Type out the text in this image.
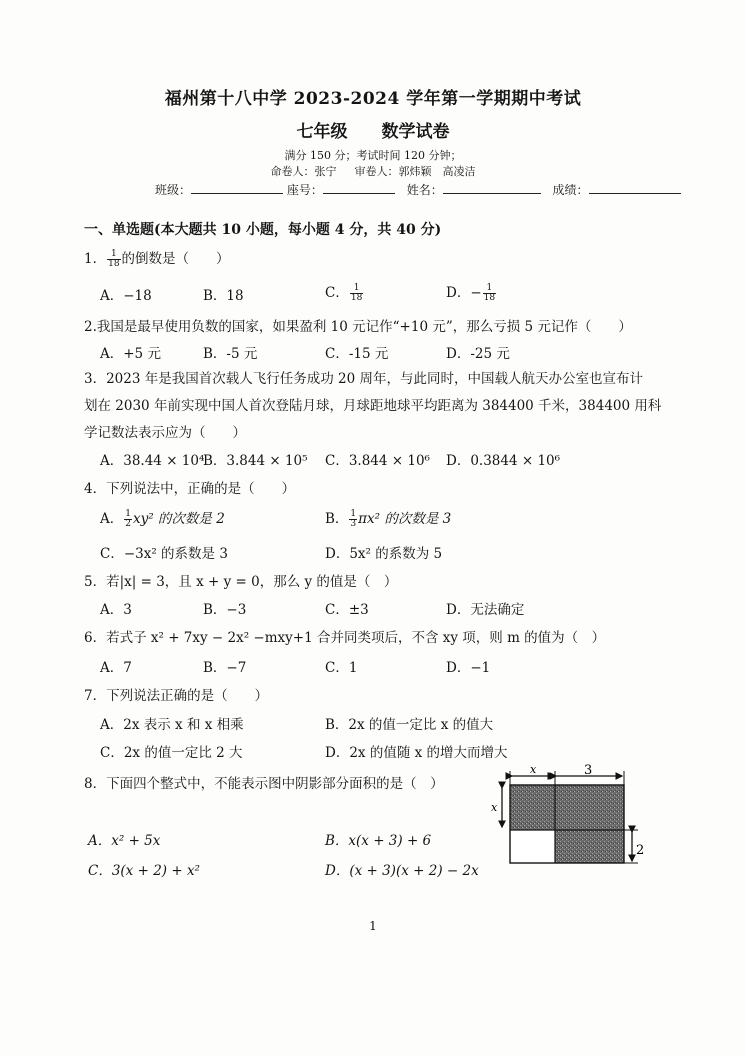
福州第十八中学 2023-2024 学年第一学期期中考试
七年级 数学试卷
满分 150 分；考试时间 120 分钟；
命卷人：张宁 审卷人：郭炜颖　高凌洁
班级：	座号：	姓名：	成绩：
一、单选题(本大题共 10 小题，每小题 4 分，共 40 分)
1． $\frac{1}{18}$ 的倒数是（　　）
A．−18	B．18	C． $\frac{1}{18}$	D．− $\frac{1}{18}$
2.我国是最早使用负数的国家，如果盈利 10 元记作“+10 元”，那么亏损 5 元记作（　　）
A．+5 元	B．-5 元	C．-15 元	D．-25 元
3．2023 年是我国首次载人飞行任务成功 20 周年，与此同时，中国载人航天办公室也宣布计
划在 2030 年前实现中国人首次登陆月球，月球距地球平均距离为 384400 千米，384400 用科
学记数法表示应为（　　）
A．38.44 × 10⁴
B．3.844 × 10⁵ C．3.844 × 10⁶ D．0.3844 × 10⁶
4．下列说法中，正确的是（　　）
A． $\frac{1}{2} xy^2$ 的次数是 2	B． $\frac{1}{3} \pi x^2$ 的次数是 3
C．−3x² 的系数是 3	D．5x² 的系数为 5
5．若|x| = 3，且 x + y = 0，那么 y 的值是（　）
A．3	B．−3	C．±3	D．无法确定
6．若式子 x² + 7xy − 2x² −mxy+1 合并同类项后，不含 xy 项，则 m 的值为（　）
A．7	B．−7	C．1	D．−1
7．下列说法正确的是（　　）
A．2x 表示 x 和 x 相乘	B．2x 的值一定比 x 的值大
C．2x 的值一定比 2 大	D．2x 的值随 x 的增大而增大
8．下面四个整式中，不能表示图中阴影部分面积的是（　）
A．x² + 5x	B．x(x + 3) + 6
C．3(x + 2) + x²	D．(x + 3)(x + 2) − 2x
x	3
x
2
1
